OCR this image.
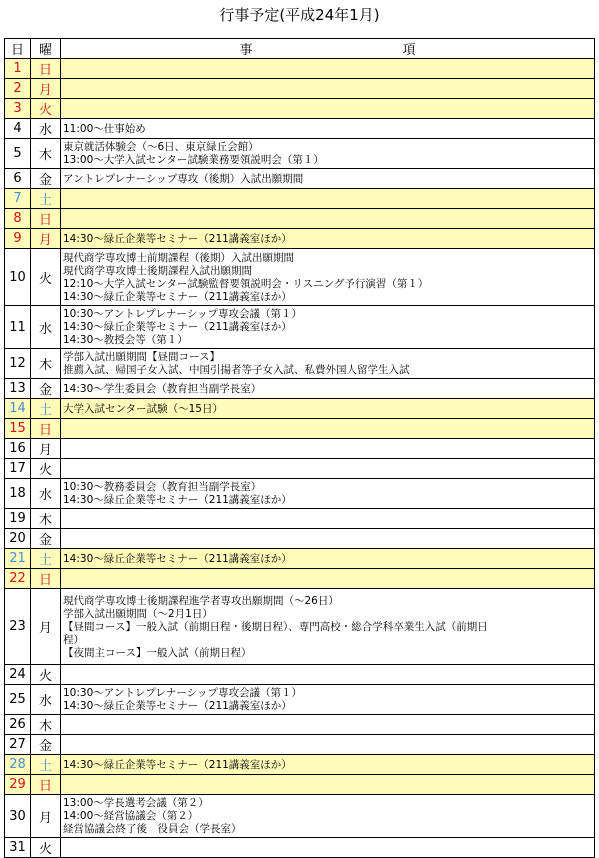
行事予定(平成24年1月)
日	曜	事 項
1	日	
2	月	
3	火	
4	水	11:00～仕事始め

5	木	東京就活体験会（～6日、東京緑丘会館）
13:00～大学入試センター試験業務要領説明会（第１）

6	金	アントレプレナーシップ専攻（後期）入試出願期間

7	土	
8	日	
9	月	14:30～緑丘企業等セミナー（211講義室ほか）

10	火	現代商学専攻博士前期課程（後期）入試出願期間
現代商学専攻博士後期課程入試出願期間
12:10～大学入試センター試験監督要領説明会・リスニング予行演習（第１）
14:30～緑丘企業等セミナー（211講義室ほか）

11	水	10:30～アントレプレナーシップ専攻会議（第１）
14:30～緑丘企業等セミナー（211講義室ほか）
14:30～教授会等（第１）

12	木	学部入試出願期間【昼間コース】
推薦入試、帰国子女入試、中国引揚者等子女入試、私費外国人留学生入試

13	金	14:30～学生委員会（教育担当副学長室）

14	土	大学入試センター試験（～15日）

15	日	
16	月	
17	火	
18	水	10:30～教務委員会（教育担当副学長室）
14:30～緑丘企業等セミナー（211講義室ほか）

19	木	
20	金	
21	土	14:30～緑丘企業等セミナー（211講義室ほか）

22	日	
23	月	現代商学専攻博士後期課程進学者専攻出願期間（～26日）
学部入試出願期間（～2月1日）
【昼間コース】一般入試（前期日程・後期日程）、専門高校・総合学科卒業生入試（前期日
程）
【夜間主コース】一般入試（前期日程）

24	火	
25	水	10:30～アントレプレナーシップ専攻会議（第１）
14:30～緑丘企業等セミナー（211講義室ほか）

26	木	
27	金	
28	土	14:30～緑丘企業等セミナー（211講義室ほか）

29	日	
30	月	13:00～学長選考会議（第２）
14:00～経営協議会（第２）
経営協議会終了後　役員会（学長室）

31	火	
